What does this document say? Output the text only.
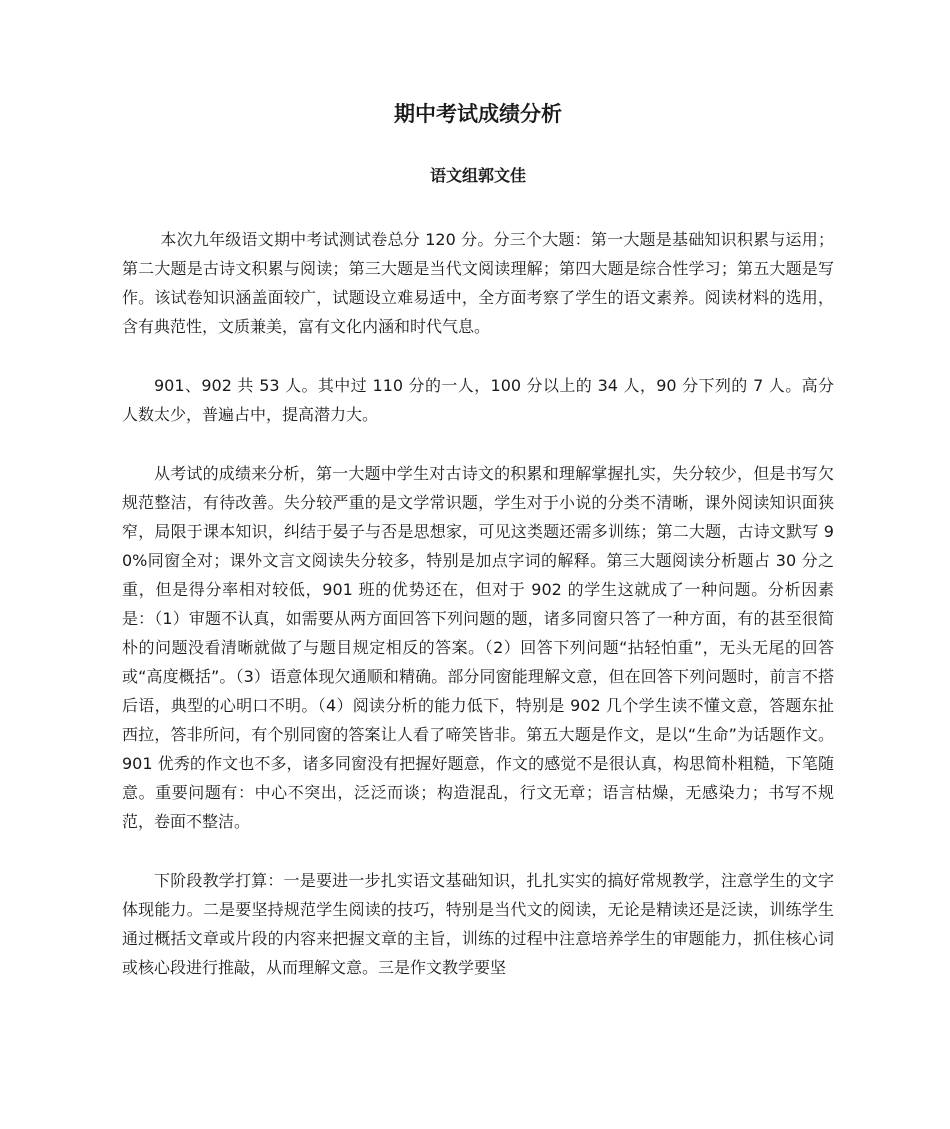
期中考试成绩分析
语文组郭文佳

本次九年级语文期中考试测试卷总分 120 分。分三个大题：第一大题是基础知识积累与运用；第二大题是古诗文积累与阅读；第三大题是当代文阅读理解；第四大题是综合性学习；第五大题是写作。该试卷知识涵盖面较广，试题设立难易适中，全方面考察了学生的语文素养。阅读材料的选用，含有典范性，文质兼美，富有文化内涵和时代气息。

901、902 共 53 人。其中过 110 分的一人，100 分以上的 34 人，90 分下列的 7 人。高分人数太少，普遍占中，提高潜力大。

从考试的成绩来分析，第一大题中学生对古诗文的积累和理解掌握扎实，失分较少，但是书写欠规范整洁，有待改善。失分较严重的是文学常识题，学生对于小说的分类不清晰，课外阅读知识面狭窄，局限于课本知识，纠结于晏子与否是思想家，可见这类题还需多训练；第二大题，古诗文默写 90%同窗全对；课外文言文阅读失分较多，特别是加点字词的解释。第三大题阅读分析题占 30 分之重，但是得分率相对较低，901 班的优势还在，但对于 902 的学生这就成了一种问题。分析因素是：（1）审题不认真，如需要从两方面回答下列问题的题，诸多同窗只答了一种方面，有的甚至很简朴的问题没看清晰就做了与题目规定相反的答案。（2）回答下列问题“拈轻怕重”，无头无尾的回答或“高度概括”。（3）语意体现欠通顺和精确。部分同窗能理解文意，但在回答下列问题时，前言不搭后语，典型的心明口不明。（4）阅读分析的能力低下，特别是 902 几个学生读不懂文意，答题东扯西拉，答非所问，有个别同窗的答案让人看了啼笑皆非。第五大题是作文，是以“生命”为话题作文。901 优秀的作文也不多，诸多同窗没有把握好题意，作文的感觉不是很认真，构思简朴粗糙，下笔随意。重要问题有：中心不突出，泛泛而谈；构造混乱，行文无章；语言枯燥，无感染力；书写不规范，卷面不整洁。

下阶段教学打算：一是要进一步扎实语文基础知识，扎扎实实的搞好常规教学，注意学生的文字体现能力。二是要坚持规范学生阅读的技巧，特别是当代文的阅读，无论是精读还是泛读，训练学生通过概括文章或片段的内容来把握文章的主旨，训练的过程中注意培养学生的审题能力，抓住核心词或核心段进行推敲，从而理解文意。三是作文教学要坚
